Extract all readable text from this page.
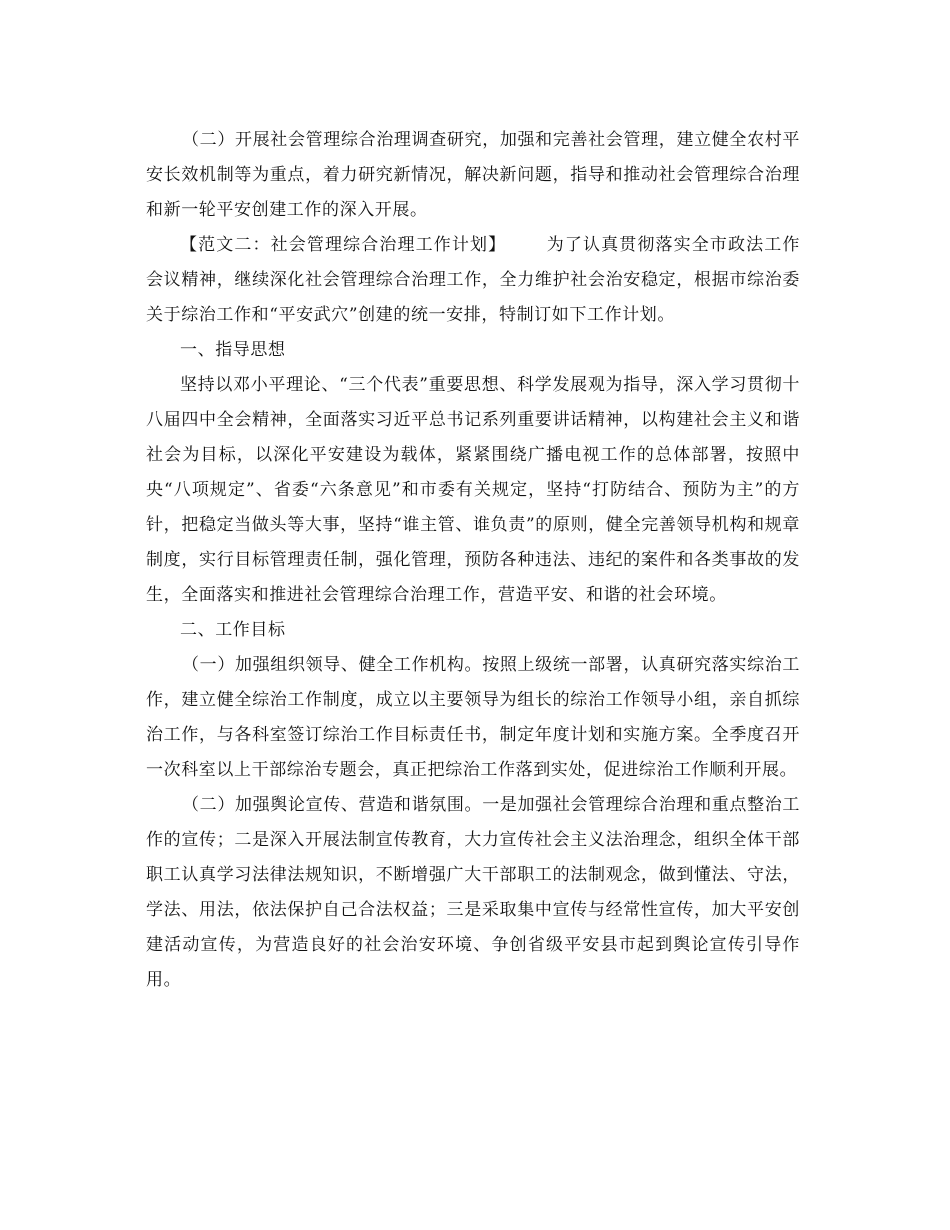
（二）开展社会管理综合治理调查研究，加强和完善社会管理，建立健全农村平安长效机制等为重点，着力研究新情况，解决新问题，指导和推动社会管理综合治理和新一轮平安创建工作的深入开展。

【范文二：社会管理综合治理工作计划】 为了认真贯彻落实全市政法工作会议精神，继续深化社会管理综合治理工作，全力维护社会治安稳定，根据市综治委关于综治工作和“平安武穴”创建的统一安排，特制订如下工作计划。

一、指导思想

坚持以邓小平理论、“三个代表”重要思想、科学发展观为指导，深入学习贯彻十八届四中全会精神，全面落实习近平总书记系列重要讲话精神，以构建社会主义和谐社会为目标，以深化平安建设为载体，紧紧围绕广播电视工作的总体部署，按照中央“八项规定”、省委“六条意见”和市委有关规定，坚持“打防结合、预防为主”的方针，把稳定当做头等大事，坚持“谁主管、谁负责”的原则，健全完善领导机构和规章制度，实行目标管理责任制，强化管理，预防各种违法、违纪的案件和各类事故的发生，全面落实和推进社会管理综合治理工作，营造平安、和谐的社会环境。

二、工作目标

（一）加强组织领导、健全工作机构。按照上级统一部署，认真研究落实综治工作，建立健全综治工作制度，成立以主要领导为组长的综治工作领导小组，亲自抓综治工作，与各科室签订综治工作目标责任书，制定年度计划和实施方案。全季度召开一次科室以上干部综治专题会，真正把综治工作落到实处，促进综治工作顺利开展。

（二）加强舆论宣传、营造和谐氛围。一是加强社会管理综合治理和重点整治工作的宣传；二是深入开展法制宣传教育，大力宣传社会主义法治理念，组织全体干部职工认真学习法律法规知识，不断增强广大干部职工的法制观念，做到懂法、守法，学法、用法，依法保护自己合法权益；三是采取集中宣传与经常性宣传，加大平安创建活动宣传，为营造良好的社会治安环境、争创省级平安县市起到舆论宣传引导作用。
